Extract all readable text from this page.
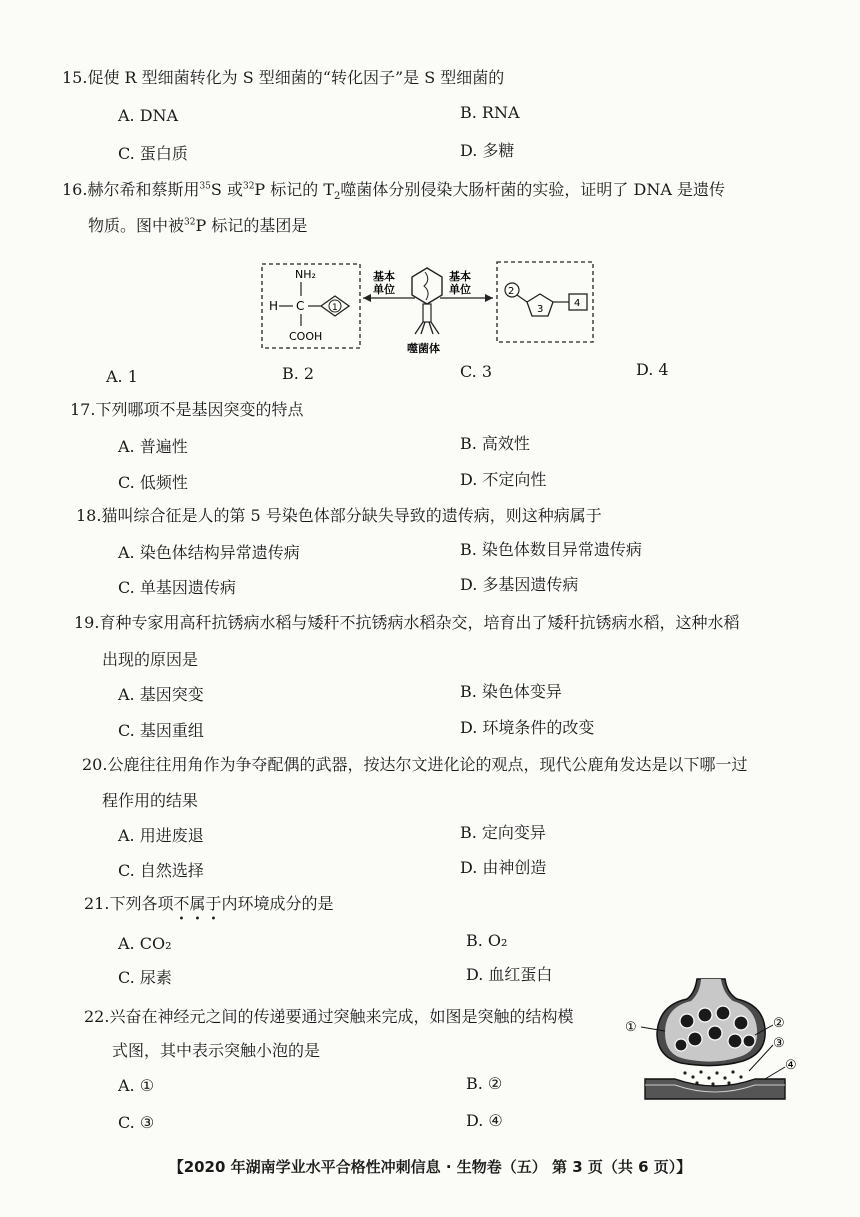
15.促使 R 型细菌转化为 S 型细菌的“转化因子”是 S 型细菌的
A. DNA	B. RNA
C. 蛋白质	D. 多糖
16.赫尔希和蔡斯用$^{35}$S 或$^{32}$P 标记的 $T_2$噬菌体分别侵染大肠杆菌的实验，证明了 DNA 是遗传
物质。图中被$^{32}$P 标记的基团是
NH₂
H C	1
COOH
基本
单位
基本
单位
噬菌体
2
3
4
A. 1	B. 2	C. 3	D. 4
17.下列哪项不是基因突变的特点
A. 普遍性	B. 高效性
C. 低频性	D. 不定向性
18.猫叫综合征是人的第 5 号染色体部分缺失导致的遗传病，则这种病属于
A. 染色体结构异常遗传病	B. 染色体数目异常遗传病
C. 单基因遗传病	D. 多基因遗传病
19.育种专家用高秆抗锈病水稻与矮秆不抗锈病水稻杂交，培育出了矮秆抗锈病水稻，这种水稻
出现的原因是
A. 基因突变	B. 染色体变异
C. 基因重组	D. 环境条件的改变
20.公鹿往往用角作为争夺配偶的武器，按达尔文进化论的观点，现代公鹿角发达是以下哪一过
程作用的结果
A. 用进废退	B. 定向变异
C. 自然选择	D. 由神创造
21.下列各项不属于内环境成分的是
A. CO₂	B. O₂
C. 尿素	D. 血红蛋白
22.兴奋在神经元之间的传递要通过突触来完成，如图是突触的结构模
式图，其中表示突触小泡的是
A. ①	B. ②
C. ③	D. ④
①	②
③
④
【2020 年湖南学业水平合格性冲刺信息 · 生物卷（五） 第 3 页（共 6 页）】
